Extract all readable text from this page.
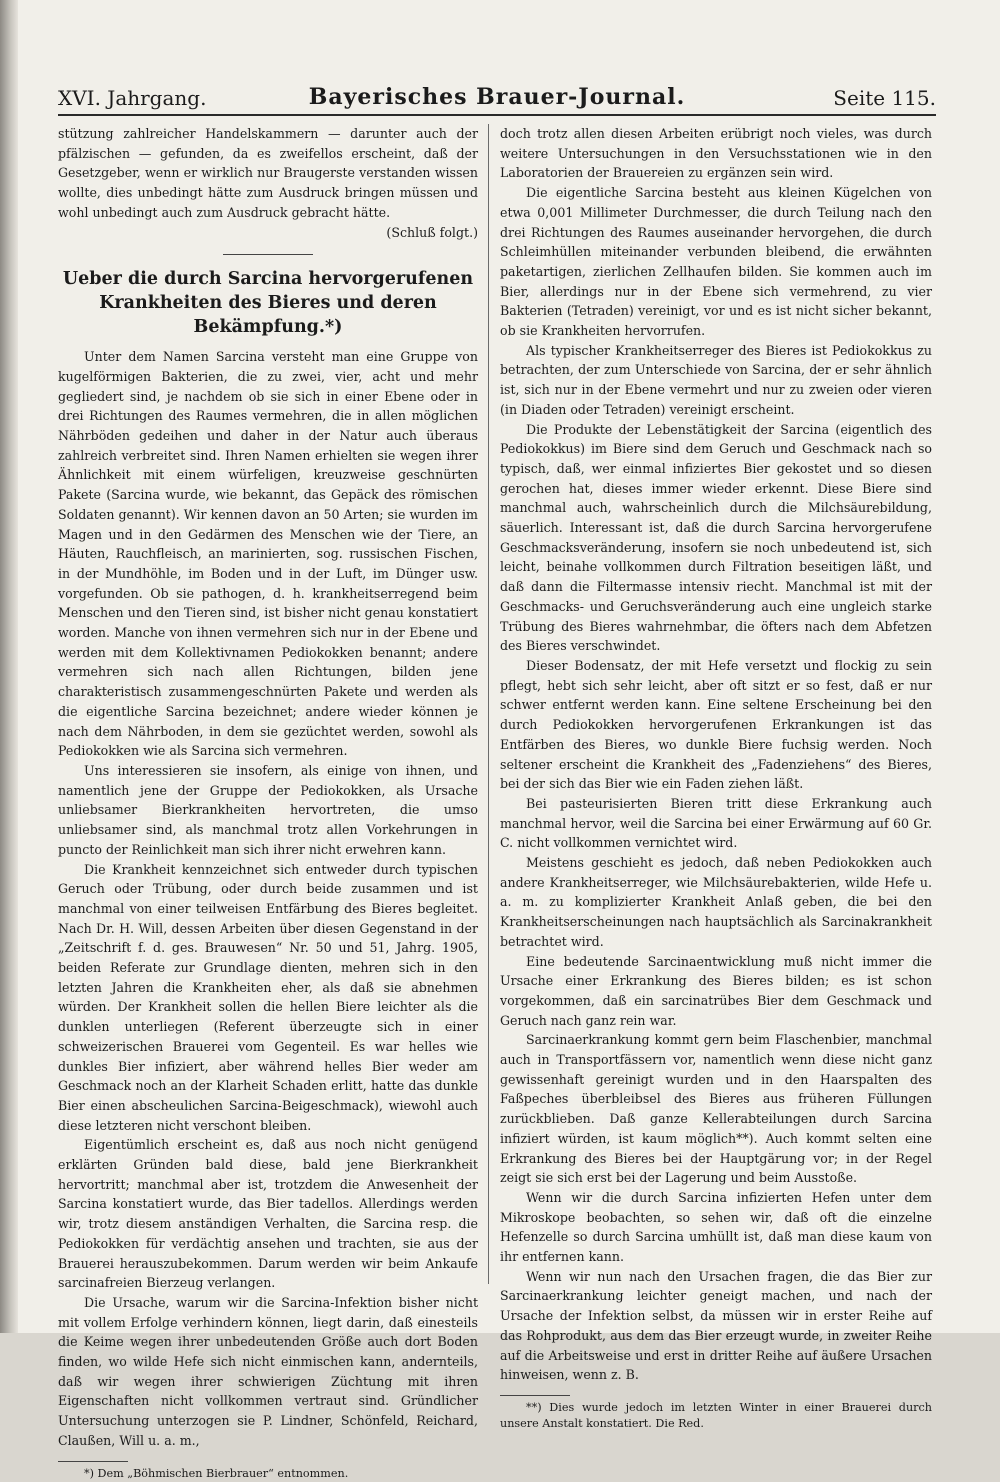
XVI. Jahrgang.	Bayerisches Brauer-Journal.	Seite 115.

stützung zahlreicher Handelskammern — darunter auch der pfälzischen — gefunden, da es zweifellos erscheint, daß der Gesetzgeber, wenn er wirklich nur Braugerste verstanden wissen wollte, dies unbedingt hätte zum Ausdruck bringen müssen und wohl unbedingt auch zum Ausdruck gebracht hätte.

(Schluß folgt.)

Ueber die durch Sarcina hervorgerufenen Krankheiten des Bieres und deren Bekämpfung.*)

Unter dem Namen Sarcina versteht man eine Gruppe von kugelförmigen Bakterien, die zu zwei, vier, acht und mehr gegliedert sind, je nachdem ob sie sich in einer Ebene oder in drei Richtungen des Raumes vermehren, die in allen möglichen Nährböden gedeihen und daher in der Natur auch überaus zahlreich verbreitet sind. Ihren Namen erhielten sie wegen ihrer Ähnlichkeit mit einem würfeligen, kreuzweise geschnürten Pakete (Sarcina wurde, wie bekannt, das Gepäck des römischen Soldaten genannt). Wir kennen davon an 50 Arten; sie wurden im Magen und in den Gedärmen des Menschen wie der Tiere, an Häuten, Rauchfleisch, an marinierten, sog. russischen Fischen, in der Mundhöhle, im Boden und in der Luft, im Dünger usw. vorgefunden. Ob sie pathogen, d. h. krankheitserregend beim Menschen und den Tieren sind, ist bisher nicht genau konstatiert worden. Manche von ihnen vermehren sich nur in der Ebene und werden mit dem Kollektivnamen Pediokokken benannt; andere vermehren sich nach allen Richtungen, bilden jene charakteristisch zusammengeschnürten Pakete und werden als die eigentliche Sarcina bezeichnet; andere wieder können je nach dem Nährboden, in dem sie gezüchtet werden, sowohl als Pediokokken wie als Sarcina sich vermehren.

Uns interessieren sie insofern, als einige von ihnen, und namentlich jene der Gruppe der Pediokokken, als Ursache unliebsamer Bierkrankheiten hervortreten, die umso unliebsamer sind, als manchmal trotz allen Vorkehrungen in puncto der Reinlichkeit man sich ihrer nicht erwehren kann.

Die Krankheit kennzeichnet sich entweder durch typischen Geruch oder Trübung, oder durch beide zusammen und ist manchmal von einer teilweisen Entfärbung des Bieres begleitet. Nach Dr. H. Will, dessen Arbeiten über diesen Gegenstand in der „Zeitschrift f. d. ges. Brauwesen“ Nr. 50 und 51, Jahrg. 1905, beiden Referate zur Grundlage dienten, mehren sich in den letzten Jahren die Krankheiten eher, als daß sie abnehmen würden. Der Krankheit sollen die hellen Biere leichter als die dunklen unterliegen (Referent überzeugte sich in einer schweizerischen Brauerei vom Gegenteil. Es war helles wie dunkles Bier infiziert, aber während helles Bier weder am Geschmack noch an der Klarheit Schaden erlitt, hatte das dunkle Bier einen abscheulichen Sarcina-Beigeschmack), wiewohl auch diese letzteren nicht verschont bleiben.

Eigentümlich erscheint es, daß aus noch nicht genügend erklärten Gründen bald diese, bald jene Bierkrankheit hervortritt; manchmal aber ist, trotzdem die Anwesenheit der Sarcina konstatiert wurde, das Bier tadellos. Allerdings werden wir, trotz diesem anständigen Verhalten, die Sarcina resp. die Pediokokken für verdächtig ansehen und trachten, sie aus der Brauerei herauszubekommen. Darum werden wir beim Ankaufe sarcinafreien Bierzeug verlangen.

Die Ursache, warum wir die Sarcina-Infektion bisher nicht mit vollem Erfolge verhindern können, liegt darin, daß einesteils die Keime wegen ihrer unbedeutenden Größe auch dort Boden finden, wo wilde Hefe sich nicht einmischen kann, andernteils, daß wir wegen ihrer schwierigen Züchtung mit ihren Eigenschaften nicht vollkommen vertraut sind. Gründlicher Untersuchung unterzogen sie P. Lindner, Schönfeld, Reichard, Claußen, Will u. a. m.,

*) Dem „Böhmischen Bierbrauer“ entnommen.

doch trotz allen diesen Arbeiten erübrigt noch vieles, was durch weitere Untersuchungen in den Versuchsstationen wie in den Laboratorien der Brauereien zu ergänzen sein wird.

Die eigentliche Sarcina besteht aus kleinen Kügelchen von etwa 0,001 Millimeter Durchmesser, die durch Teilung nach den drei Richtungen des Raumes auseinander hervorgehen, die durch Schleimhüllen miteinander verbunden bleibend, die erwähnten paketartigen, zierlichen Zellhaufen bilden. Sie kommen auch im Bier, allerdings nur in der Ebene sich vermehrend, zu vier Bakterien (Tetraden) vereinigt, vor und es ist nicht sicher bekannt, ob sie Krankheiten hervorrufen.

Als typischer Krankheitserreger des Bieres ist Pediokokkus zu betrachten, der zum Unterschiede von Sarcina, der er sehr ähnlich ist, sich nur in der Ebene vermehrt und nur zu zweien oder vieren (in Diaden oder Tetraden) vereinigt erscheint.

Die Produkte der Lebenstätigkeit der Sarcina (eigentlich des Pediokokkus) im Biere sind dem Geruch und Geschmack nach so typisch, daß, wer einmal infiziertes Bier gekostet und so diesen gerochen hat, dieses immer wieder erkennt. Diese Biere sind manchmal auch, wahrscheinlich durch die Milchsäurebildung, säuerlich. Interessant ist, daß die durch Sarcina hervorgerufene Geschmacksveränderung, insofern sie noch unbedeutend ist, sich leicht, beinahe vollkommen durch Filtration beseitigen läßt, und daß dann die Filtermasse intensiv riecht. Manchmal ist mit der Geschmacks- und Geruchsveränderung auch eine ungleich starke Trübung des Bieres wahrnehmbar, die öfters nach dem Abfetzen des Bieres verschwindet.

Dieser Bodensatz, der mit Hefe versetzt und flockig zu sein pflegt, hebt sich sehr leicht, aber oft sitzt er so fest, daß er nur schwer entfernt werden kann. Eine seltene Erscheinung bei den durch Pediokokken hervorgerufenen Erkrankungen ist das Entfärben des Bieres, wo dunkle Biere fuchsig werden. Noch seltener erscheint die Krankheit des „Fadenziehens“ des Bieres, bei der sich das Bier wie ein Faden ziehen läßt.

Bei pasteurisierten Bieren tritt diese Erkrankung auch manchmal hervor, weil die Sarcina bei einer Erwärmung auf 60 Gr. C. nicht vollkommen vernichtet wird.

Meistens geschieht es jedoch, daß neben Pediokokken auch andere Krankheitserreger, wie Milchsäurebakterien, wilde Hefe u. a. m. zu komplizierter Krankheit Anlaß geben, die bei den Krankheitserscheinungen nach hauptsächlich als Sarcinakrankheit betrachtet wird.

Eine bedeutende Sarcinaentwicklung muß nicht immer die Ursache einer Erkrankung des Bieres bilden; es ist schon vorgekommen, daß ein sarcinatrübes Bier dem Geschmack und Geruch nach ganz rein war.

Sarcinaerkrankung kommt gern beim Flaschenbier, manchmal auch in Transportfässern vor, namentlich wenn diese nicht ganz gewissenhaft gereinigt wurden und in den Haarspalten des Faßpeches überbleibsel des Bieres aus früheren Füllungen zurückblieben. Daß ganze Kellerabteilungen durch Sarcina infiziert würden, ist kaum möglich**). Auch kommt selten eine Erkrankung des Bieres bei der Hauptgärung vor; in der Regel zeigt sie sich erst bei der Lagerung und beim Ausstoße.

Wenn wir die durch Sarcina infizierten Hefen unter dem Mikroskope beobachten, so sehen wir, daß oft die einzelne Hefenzelle so durch Sarcina umhüllt ist, daß man diese kaum von ihr entfernen kann.

Wenn wir nun nach den Ursachen fragen, die das Bier zur Sarcinaerkrankung leichter geneigt machen, und nach der Ursache der Infektion selbst, da müssen wir in erster Reihe auf das Rohprodukt, aus dem das Bier erzeugt wurde, in zweiter Reihe auf die Arbeitsweise und erst in dritter Reihe auf äußere Ursachen hinweisen, wenn z. B.

**) Dies wurde jedoch im letzten Winter in einer Brauerei durch unsere Anstalt konstatiert. Die Red.
